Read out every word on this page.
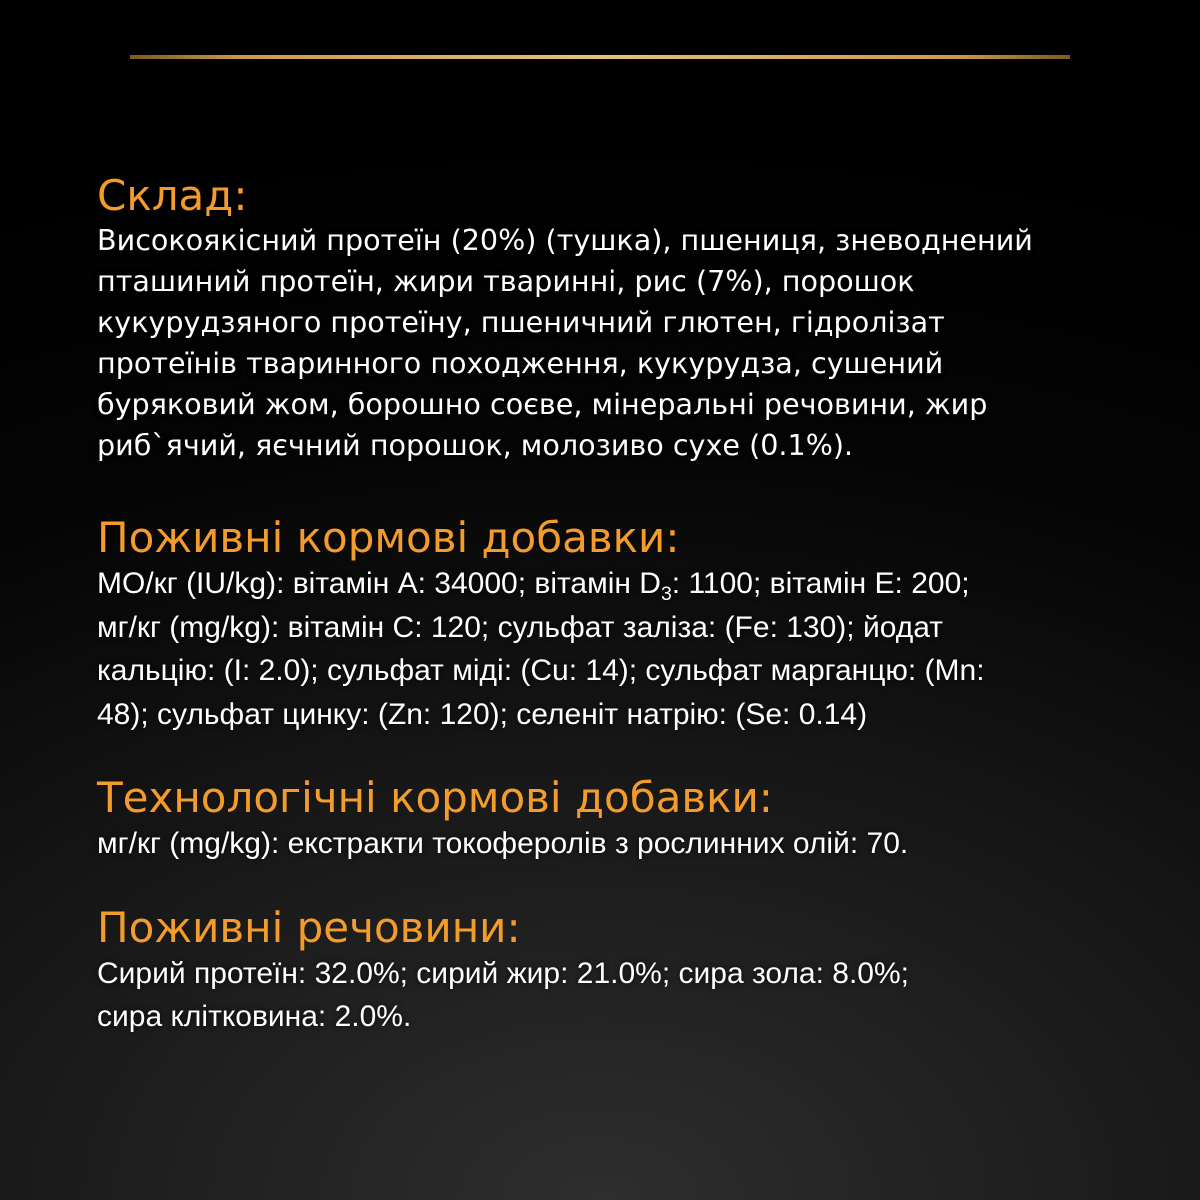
Склад:

Високоякісний протеїн (20%) (тушка), пшениця, зневоднений
пташиний протеїн, жири тваринні, рис (7%), порошок
кукурудзяного протеїну, пшеничний глютен, гідролізат
протеїнів тваринного походження, кукурудза, сушений
буряковий жом, борошно соєве, мінеральні речовини, жир
риб`ячий, яєчний порошок, молозиво сухе (0.1%).

Поживні кормові добавки:

МО/кг (IU/kg): вітамін А: 34000; вітамін $D_3$: 1100; вітамін Е: 200;
мг/кг (mg/kg): вітамін С: 120; сульфат заліза: (Fe: 130); йодат
кальцію: (I: 2.0); сульфат міді: (Cu: 14); сульфат марганцю: (Mn:
48); сульфат цинку: (Zn: 120); селеніт натрію: (Se: 0.14)

Технологічні кормові добавки:

мг/кг (mg/kg): екстракти токоферолів з рослинних олій: 70.

Поживні речовини:

Сирий протеїн: 32.0%; сирий жир: 21.0%; сира зола: 8.0%;
сира клітковина: 2.0%.
